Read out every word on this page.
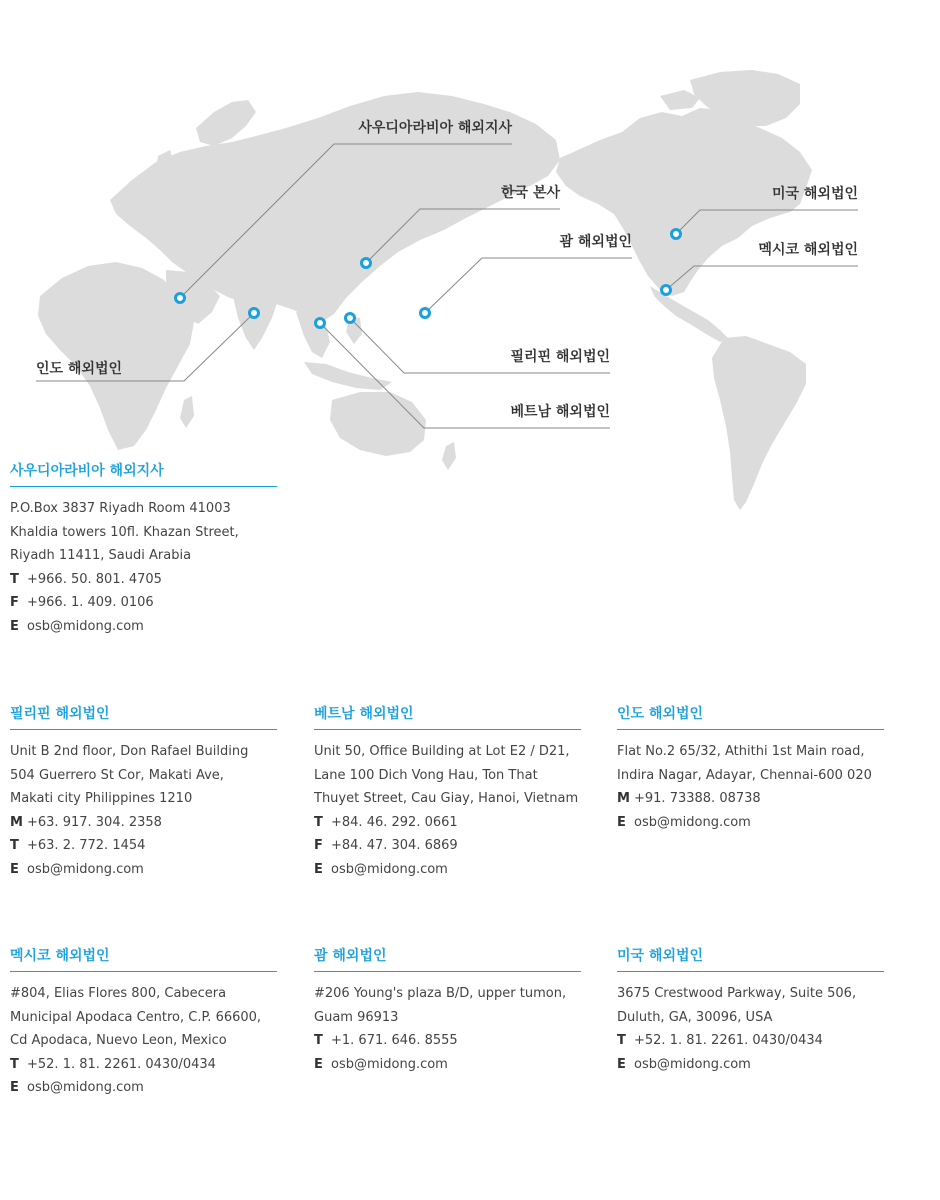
사우디아라비아 해외지사
한국 본사
괌 해외법인
미국 해외법인
멕시코 해외법인
인도 해외법인
필리핀 해외법인
베트남 해외법인
사우디아라비아 해외지사
P.O.Box 3837 Riyadh Room 41003
Khaldia towers 10fl. Khazan Street,
Riyadh 11411, Saudi Arabia
T +966. 50. 801. 4705
F +966. 1. 409. 0106
E osb@midong.com
필리핀 해외법인
Unit B 2nd floor, Don Rafael Building
504 Guerrero St Cor, Makati Ave,
Makati city Philippines 1210
M +63. 917. 304. 2358
T +63. 2. 772. 1454
E osb@midong.com
베트남 해외법인
Unit 50, Office Building at Lot E2 / D21,
Lane 100 Dich Vong Hau, Ton That
Thuyet Street, Cau Giay, Hanoi, Vietnam
T +84. 46. 292. 0661
F +84. 47. 304. 6869
E osb@midong.com
인도 해외법인
Flat No.2 65/32, Athithi 1st Main road,
Indira Nagar, Adayar, Chennai-600 020
M +91. 73388. 08738
E osb@midong.com
멕시코 해외법인
#804, Elias Flores 800, Cabecera
Municipal Apodaca Centro, C.P. 66600,
Cd Apodaca, Nuevo Leon, Mexico
T +52. 1. 81. 2261. 0430/0434
E osb@midong.com
괌 해외법인
#206 Young's plaza B/D, upper tumon,
Guam 96913
T +1. 671. 646. 8555
E osb@midong.com
미국 해외법인
3675 Crestwood Parkway, Suite 506,
Duluth, GA, 30096, USA
T +52. 1. 81. 2261. 0430/0434
E osb@midong.com
